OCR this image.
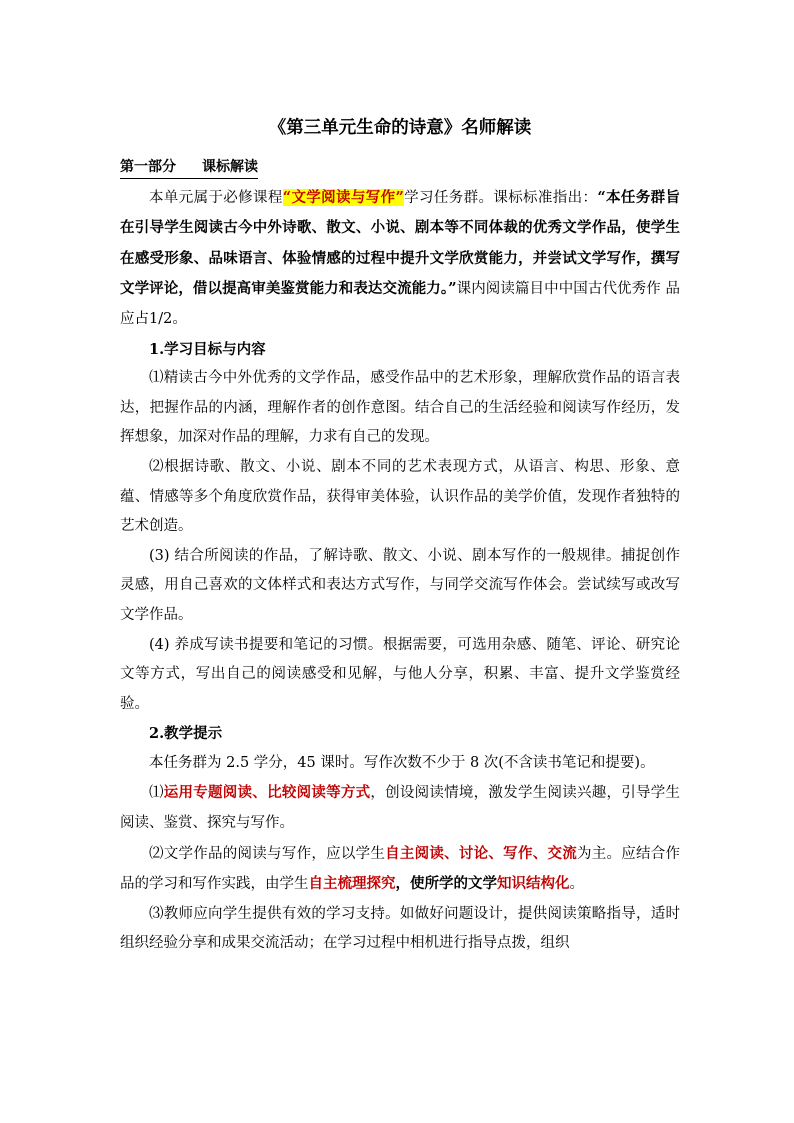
《第三单元生命的诗意》名师解读
第一部分 课标解读

本单元属于必修课程“文学阅读与写作”学习任务群。课标标准指出：“本任务群旨在引导学生阅读古今中外诗歌、散文、小说、剧本等不同体裁的优秀文学作品，使学生在感受形象、品味语言、体验情感的过程中提升文学欣赏能力，并尝试文学写作，撰写文学评论，借以提高审美鉴赏能力和表达交流能力。”课内阅读篇目中中国古代优秀作 品应占1/2。

1.学习目标与内容

⑴精读古今中外优秀的文学作品，感受作品中的艺术形象，理解欣赏作品的语言表达，把握作品的内涵，理解作者的创作意图。结合自己的生活经验和阅读写作经历，发挥想象，加深对作品的理解，力求有自己的发现。

⑵根据诗歌、散文、小说、剧本不同的艺术表现方式，从语言、构思、形象、意蕴、情感等多个角度欣赏作品，获得审美体验，认识作品的美学价值，发现作者独特的艺术创造。

(3) 结合所阅读的作品，了解诗歌、散文、小说、剧本写作的一般规律。捕捉创作灵感，用自己喜欢的文体样式和表达方式写作，与同学交流写作体会。尝试续写或改写文学作品。

(4) 养成写读书提要和笔记的习惯。根据需要，可选用杂感、随笔、评论、研究论文等方式，写出自己的阅读感受和见解，与他人分享，积累、丰富、提升文学鉴赏经验。

2.教学提示

本任务群为 2.5 学分，45 课时。写作次数不少于 8 次(不含读书笔记和提要)。

⑴运用专题阅读、比较阅读等方式，创设阅读情境，激发学生阅读兴趣，引导学生阅读、鉴赏、探究与写作。

⑵文学作品的阅读与写作，应以学生自主阅读、讨论、写作、交流为主。应结合作品的学习和写作实践，由学生自主梳理探究，使所学的文学知识结构化。

⑶教师应向学生提供有效的学习支持。如做好问题设计，提供阅读策略指导，适时组织经验分享和成果交流活动；在学习过程中相机进行指导点拨，组织
